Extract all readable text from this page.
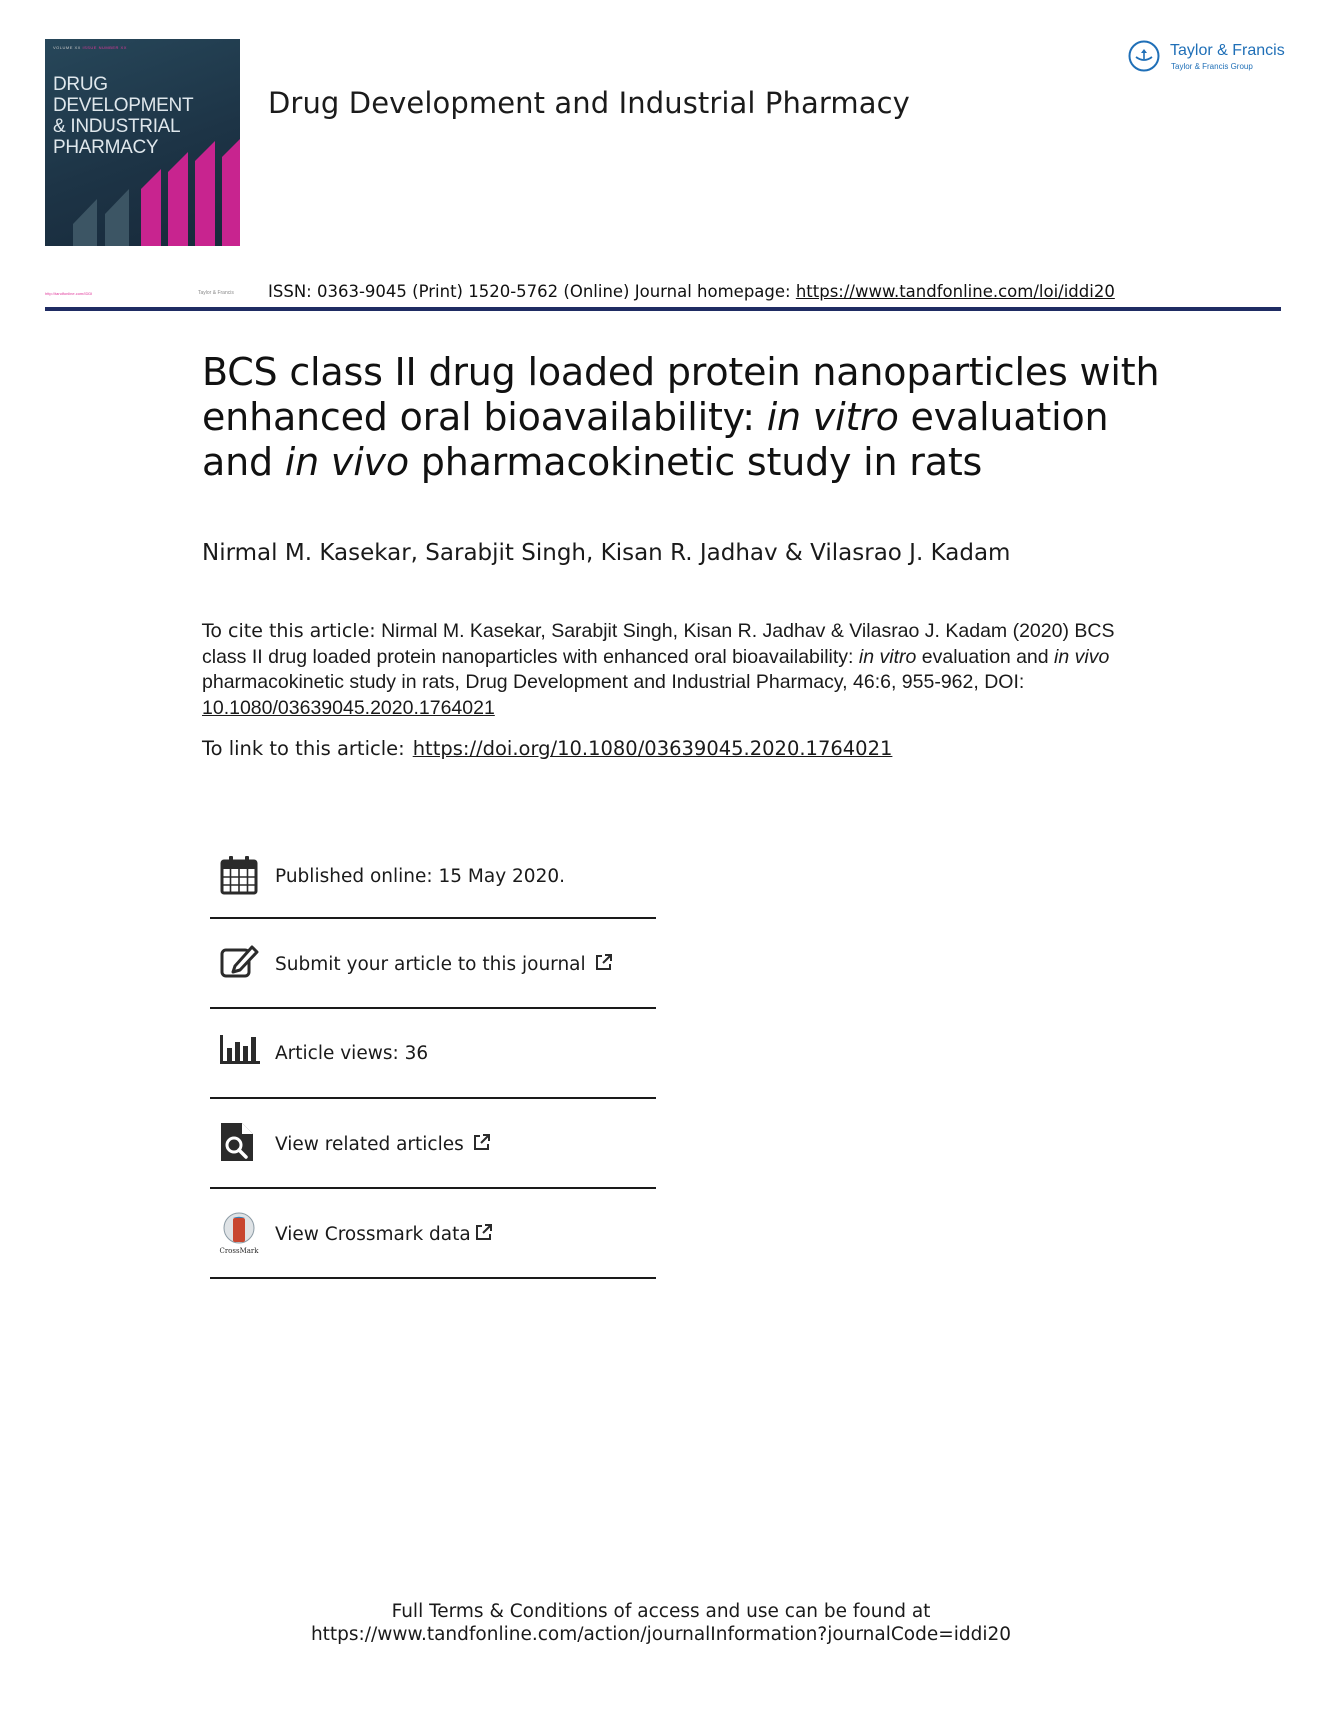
VOLUME XX ISSUE NUMBER XX
DRUG DEVELOPMENT
& INDUSTRIAL
PHARMACY
Drug Development and Industrial Pharmacy
Taylor & Francis
Taylor & Francis Group
http://tandfonline.com/IDDI	Taylor & Francis ISSN: 0363-9045 (Print) 1520-5762 (Online) Journal homepage: https://www.tandfonline.com/loi/iddi20
BCS class II drug loaded protein nanoparticles with enhanced oral bioavailability: in vitro evaluation and in vivo pharmacokinetic study in rats
Nirmal M. Kasekar, Sarabjit Singh, Kisan R. Jadhav & Vilasrao J. Kadam
To cite this article: Nirmal M. Kasekar, Sarabjit Singh, Kisan R. Jadhav & Vilasrao J. Kadam (2020) BCS class II drug loaded protein nanoparticles with enhanced oral bioavailability: in vitro evaluation and in vivo pharmacokinetic study in rats, Drug Development and Industrial Pharmacy, 46:6, 955-962, DOI: 10.1080/03639045.2020.1764021
To link to this article: https://doi.org/10.1080/03639045.2020.1764021
Published online: 15 May 2020.
Submit your article to this journal
Article views: 36
View related articles
CrossMark
View Crossmark data
Full Terms & Conditions of access and use can be found at
https://www.tandfonline.com/action/journalInformation?journalCode=iddi20
